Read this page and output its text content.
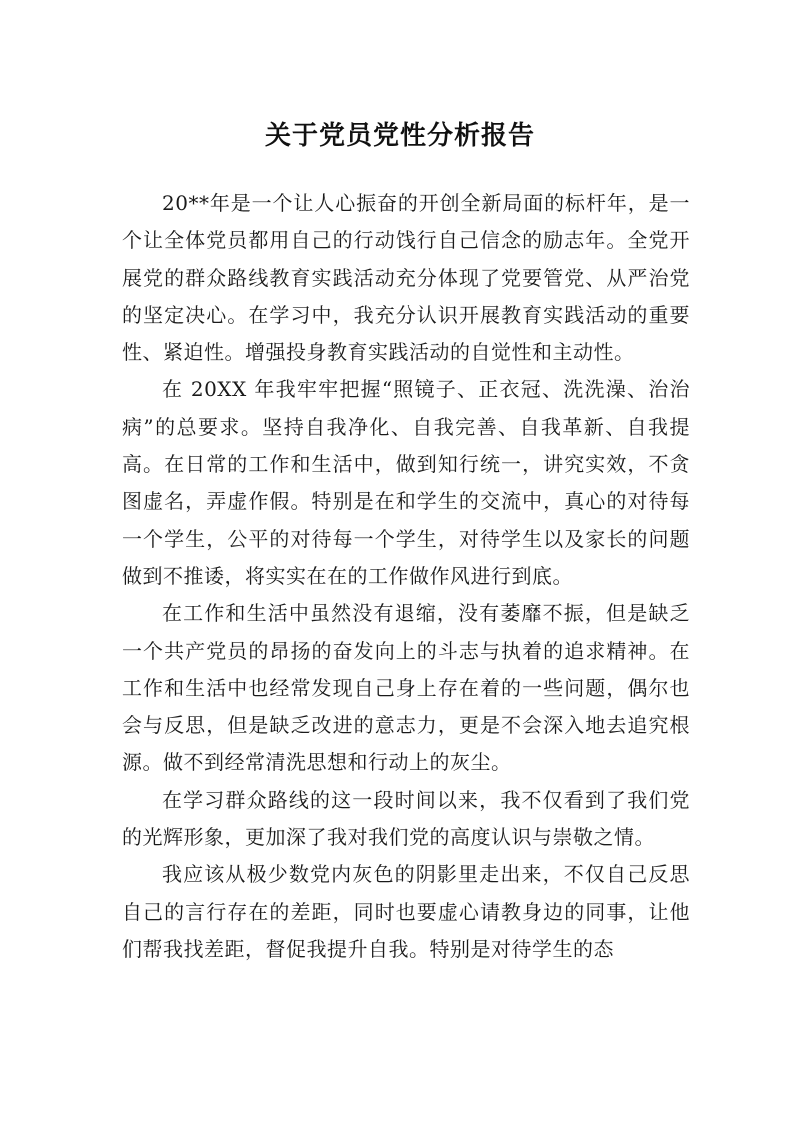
关于党员党性分析报告

20**年是一个让人心振奋的开创全新局面的标杆年，是一个让全体党员都用自己的行动饯行自己信念的励志年。全党开展党的群众路线教育实践活动充分体现了党要管党、从严治党的坚定决心。在学习中，我充分认识开展教育实践活动的重要性、紧迫性。增强投身教育实践活动的自觉性和主动性。

在 20XX 年我牢牢把握“照镜子、正衣冠、洗洗澡、治治病”的总要求。坚持自我净化、自我完善、自我革新、自我提高。在日常的工作和生活中，做到知行统一，讲究实效，不贪图虚名，弄虚作假。特别是在和学生的交流中，真心的对待每一个学生，公平的对待每一个学生，对待学生以及家长的问题做到不推诿，将实实在在的工作做作风进行到底。

在工作和生活中虽然没有退缩，没有萎靡不振，但是缺乏一个共产党员的昂扬的奋发向上的斗志与执着的追求精神。在工作和生活中也经常发现自己身上存在着的一些问题，偶尔也会与反思，但是缺乏改进的意志力，更是不会深入地去追究根源。做不到经常清洗思想和行动上的灰尘。

在学习群众路线的这一段时间以来，我不仅看到了我们党的光辉形象，更加深了我对我们党的高度认识与崇敬之情。

我应该从极少数党内灰色的阴影里走出来，不仅自己反思自己的言行存在的差距，同时也要虚心请教身边的同事，让他们帮我找差距，督促我提升自我。特别是对待学生的态
